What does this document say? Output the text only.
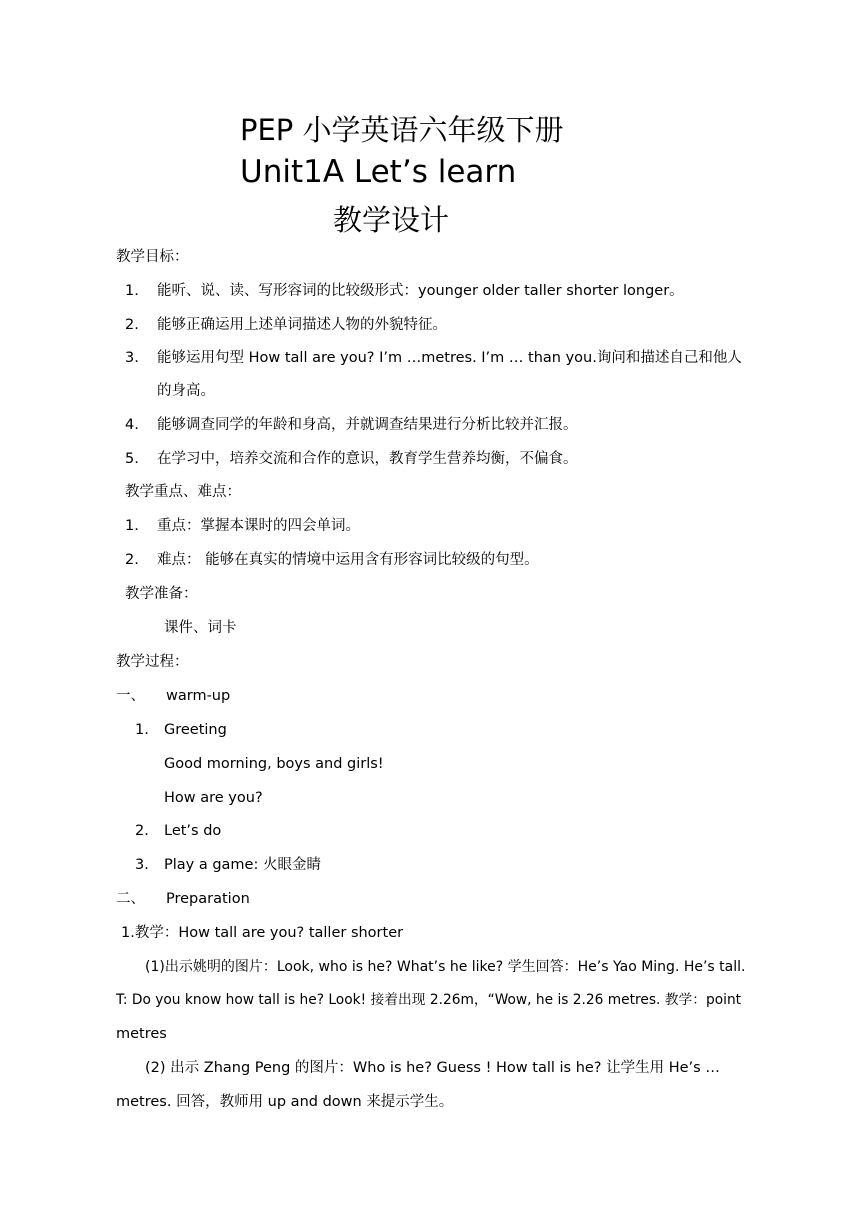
PEP 小学英语六年级下册
Unit1A Let’s learn
教学设计
教学目标：
1. 能听、说、读、写形容词的比较级形式：younger older taller shorter longer。
2. 能够正确运用上述单词描述人物的外貌特征。
3. 能够运用句型 How tall are you? I’m …metres. I’m … than you.询问和描述自己和他人
的身高。
4. 能够调查同学的年龄和身高，并就调查结果进行分析比较并汇报。
5. 在学习中，培养交流和合作的意识，教育学生营养均衡，不偏食。
教学重点、难点：
1. 重点：掌握本课时的四会单词。
2. 难点： 能够在真实的情境中运用含有形容词比较级的句型。
教学准备：
课件、词卡
教学过程：
一、 warm-up
1. Greeting
Good morning, boys and girls!
How are you?
2. Let’s do
3. Play a game: 火眼金睛
二、 Preparation
1.教学：How tall are you? taller shorter
(1)出示姚明的图片：Look, who is he? What’s he like? 学生回答：He’s Yao Ming. He’s tall.
T: Do you know how tall is he? Look! 接着出现 2.26m，“Wow, he is 2.26 metres. 教学：point
metres
(2) 出示 Zhang Peng 的图片：Who is he? Guess ! How tall is he? 让学生用 He’s …
metres. 回答，教师用 up and down 来提示学生。
